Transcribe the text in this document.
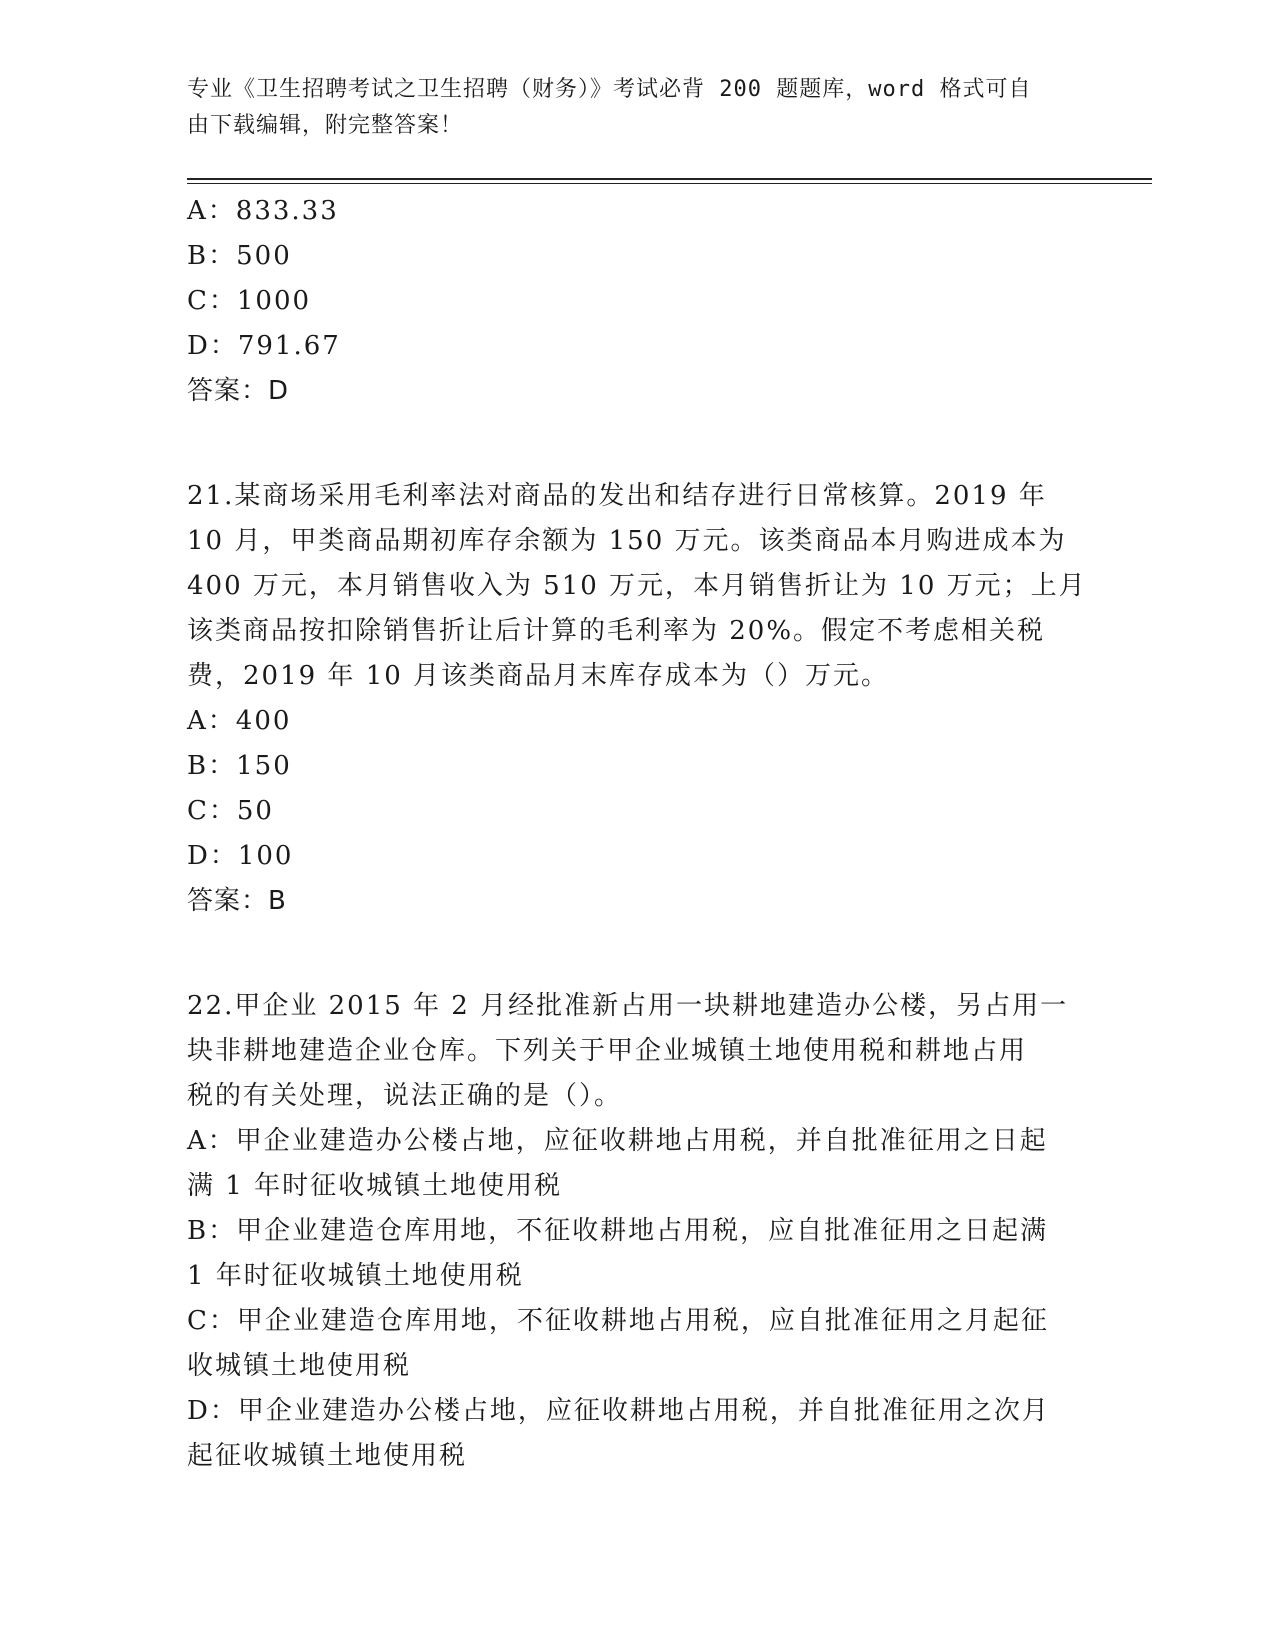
专业《卫生招聘考试之卫生招聘（财务）》考试必背 200 题题库，word 格式可自
由下载编辑，附完整答案！
A：833.33
B：500
C：1000
D：791.67
答案：D
21.某商场采用毛利率法对商品的发出和结存进行日常核算。2019 年
10 月，甲类商品期初库存余额为 150 万元。该类商品本月购进成本为
400 万元，本月销售收入为 510 万元，本月销售折让为 10 万元；上月
该类商品按扣除销售折让后计算的毛利率为 20%。假定不考虑相关税
费，2019 年 10 月该类商品月末库存成本为（）万元。
A：400
B：150
C：50
D：100
答案：B
22.甲企业 2015 年 2 月经批准新占用一块耕地建造办公楼，另占用一
块非耕地建造企业仓库。下列关于甲企业城镇土地使用税和耕地占用
税的有关处理，说法正确的是（）。
A：甲企业建造办公楼占地，应征收耕地占用税，并自批准征用之日起
满 1 年时征收城镇土地使用税
B：甲企业建造仓库用地，不征收耕地占用税，应自批准征用之日起满
1 年时征收城镇土地使用税
C：甲企业建造仓库用地，不征收耕地占用税，应自批准征用之月起征
收城镇土地使用税
D：甲企业建造办公楼占地，应征收耕地占用税，并自批准征用之次月
起征收城镇土地使用税
